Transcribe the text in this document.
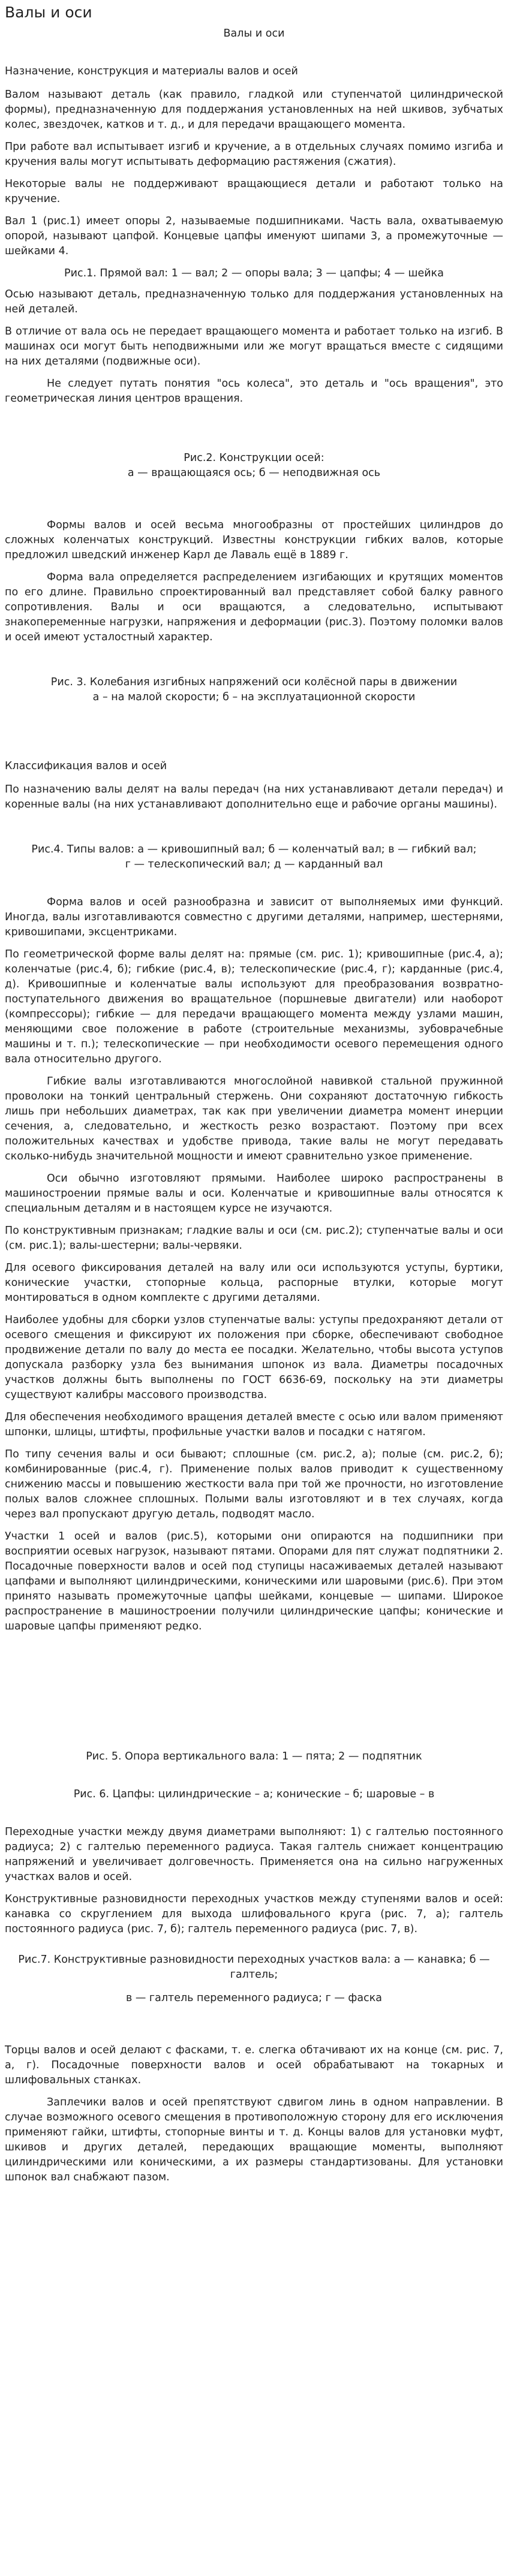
Валы и оси
Валы и оси
Назначение, конструкция и материалы валов и осей

Валом называют деталь (как правило, гладкой или ступенчатой цилиндрической формы), предназначенную для поддержания установленных на ней шкивов, зубчатых колес, звездочек, катков и т. д., и для передачи вращающего момента.

При работе вал испытывает изгиб и кручение, а в отдельных случаях помимо изгиба и кручения валы могут испытывать деформацию растяжения (сжатия).

Некоторые валы не поддерживают вращающиеся детали и работают только на кручение.

Вал 1 (рис.1) имеет опоры 2, называемые подшипниками. Часть вала, охватываемую опорой, называют цапфой. Концевые цапфы именуют шипами 3, а промежуточные — шейками 4.

Рис.1. Прямой вал: 1 — вал; 2 — опоры вала; 3 — цапфы; 4 — шейка

Осью называют деталь, предназначенную только для поддержания установленных на ней деталей.

В отличие от вала ось не передает вращающего момента и работает только на изгиб. В машинах оси могут быть неподвижными или же могут вращаться вместе с сидящими на них деталями (подвижные оси).

Не следует путать понятия "ось колеса", это деталь и "ось вращения", это геометрическая линия центров вращения.

Рис.2. Конструкции осей:
а — вращающаяся ось; б — неподвижная ось

Формы валов и осей весьма многообразны от простейших цилиндров до сложных коленчатых конструкций. Известны конструкции гибких валов, которые предложил шведский инженер Карл де Лаваль ещё в 1889 г.

Форма вала определяется распределением изгибающих и крутящих моментов по его длине. Правильно спроектированный вал представляет собой балку равного сопротивления. Валы и оси вращаются, а следовательно, испытывают знакопеременные нагрузки, напряжения и деформации (рис.3). Поэтому поломки валов и осей имеют усталостный характер.

Рис. 3. Колебания изгибных напряжений оси колёсной пары в движении
а – на малой скорости; б – на эксплуатационной скорости
Классификация валов и осей

По назначению валы делят на валы передач (на них устанавливают детали передач) и коренные валы (на них устанавливают дополнительно еще и рабочие органы машины).

Рис.4. Типы валов: а — кривошипный вал; б — коленчатый вал; в — гибкий вал;
г — телескопический вал; д — карданный вал

Форма валов и осей разнообразна и зависит от выполняемых ими функций. Иногда, валы изготавливаются совместно с другими деталями, например, шестернями, кривошипами, эксцентриками.

По геометрической форме валы делят на: прямые (см. рис. 1); кривошипные (рис.4, а); коленчатые (рис.4, б); гибкие (рис.4, в); телескопические (рис.4, г); карданные (рис.4, д). Кривошипные и коленчатые валы используют для преобразования возвратно-поступательного движения во вращательное (поршневые двигатели) или наоборот (компрессоры); гибкие — для передачи вращающего момента между узлами машин, меняющими свое положение в работе (строительные механизмы, зубоврачебные машины и т. п.); телескопические — при необходимости осевого перемещения одного вала относительно другого.

Гибкие валы изготавливаются многослойной навивкой стальной пружинной проволоки на тонкий центральный стержень. Они сохраняют достаточную гибкость лишь при небольших диаметрах, так как при увеличении диаметра момент инерции сечения, а, следовательно, и жесткость резко возрастают. Поэтому при всех положительных качествах и удобстве привода, такие валы не могут передавать сколько-нибудь значительной мощности и имеют сравнительно узкое применение.

Оси обычно изготовляют прямыми. Наиболее широко распространены в машиностроении прямые валы и оси. Коленчатые и кривошипные валы относятся к специальным деталям и в настоящем курсе не изучаются.

По конструктивным признакам; гладкие валы и оси (см. рис.2); ступенчатые валы и оси (см. рис.1); валы-шестерни; валы-червяки.

Для осевого фиксирования деталей на валу или оси используются уступы, буртики, конические участки, стопорные кольца, распорные втулки, которые могут монтироваться в одном комплекте с другими деталями.

Наиболее удобны для сборки узлов ступенчатые валы: уступы предохраняют детали от осевого смещения и фиксируют их положения при сборке, обеспечивают свободное продвижение детали по валу до места ее посадки. Желательно, чтобы высота уступов допускала разборку узла без вынимания шпонок из вала. Диаметры посадочных участков должны быть выполнены по ГОСТ 6636-69, поскольку на эти диаметры существуют калибры массового производства.

Для обеспечения необходимого вращения деталей вместе с осью или валом применяют шпонки, шлицы, штифты, профильные участки валов и посадки с натягом.

По типу сечения валы и оси бывают; сплошные (см. рис.2, а); полые (см. рис.2, б); комбинированные (рис.4, г). Применение полых валов приводит к существенному снижению массы и повышению жесткости вала при той же прочности, но изготовление полых валов сложнее сплошных. Полыми валы изготовляют и в тех случаях, когда через вал пропускают другую деталь, подводят масло.

Участки 1 осей и валов (рис.5), которыми они опираются на подшипники при восприятии осевых нагрузок, называют пятами. Опорами для пят служат подпятники 2. Посадочные поверхности валов и осей под ступицы насаживаемых деталей называют цапфами и выполняют цилиндрическими, коническими или шаровыми (рис.6). При этом принято называть промежуточные цапфы шейками, концевые — шипами. Широкое распространение в машиностроении получили цилиндрические цапфы; конические и шаровые цапфы применяют редко.

Рис. 5. Опора вертикального вала: 1 — пята; 2 — подпятник
Рис. 6. Цапфы: цилиндрические – а; конические – б; шаровые – в

Переходные участки между двумя диаметрами выполняют: 1) с галтелью постоянного радиуса; 2) с галтелью переменного радиуса. Такая галтель снижает концентрацию напряжений и увеличивает долговечность. Применяется она на сильно нагруженных участках валов и осей.

Конструктивные разновидности переходных участков между ступенями валов и осей: канавка со скруглением для выхода шлифовального круга (рис. 7, а); галтель постоянного радиуса (рис. 7, б); галтель переменного радиуса (рис. 7, в).

Рис.7. Конструктивные разновидности переходных участков вала: а — канавка; б — галтель;
в — галтель переменного радиуса; г — фаска

Торцы валов и осей делают с фасками, т. е. слегка обтачивают их на конце (см. рис. 7, а, г). Посадочные поверхности валов и осей обрабатывают на токарных и шлифовальных станках.

Заплечики валов и осей препятствуют сдвигом линь в одном направлении. В случае возможного осевого смещения в противоположную сторону для его исключения применяют гайки, штифты, стопорные винты и т. д. Концы валов для установки муфт, шкивов и других деталей, передающих вращающие моменты, выполняют цилиндрическими или коническими, а их размеры стандартизованы. Для установки шпонок вал снабжают пазом.
